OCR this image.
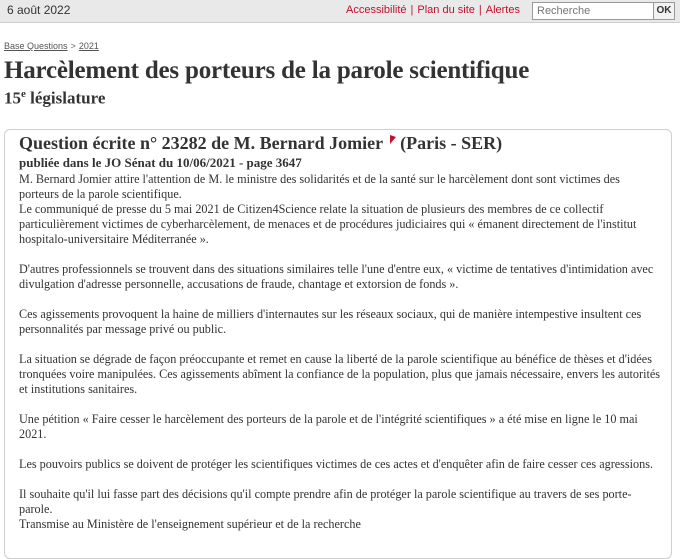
6 août 2022	Accessibilité | Plan du site | Alertes
Recherche	OK
Base Questions > 2021
Harcèlement des porteurs de la parole scientifique
15e législature
Question écrite n° 23282 de M. Bernard Jomier (Paris - SER)
publiée dans le JO Sénat du 10/06/2021 - page 3647

M. Bernard Jomier attire l'attention de M. le ministre des solidarités et de la santé sur le harcèlement dont sont victimes des
porteurs de la parole scientifique.
Le communiqué de presse du 5 mai 2021 de Citizen4Science relate la situation de plusieurs des membres de ce collectif
particulièrement victimes de cyberharcèlement, de menaces et de procédures judiciaires qui « émanent directement de l'institut
hospitalo-universitaire Méditerranée ».

D'autres professionnels se trouvent dans des situations similaires telle l'une d'entre eux, « victime de tentatives d'intimidation avec
divulgation d'adresse personnelle, accusations de fraude, chantage et extorsion de fonds ».

Ces agissements provoquent la haine de milliers d'internautes sur les réseaux sociaux, qui de manière intempestive insultent ces
personnalités par message privé ou public.

La situation se dégrade de façon préoccupante et remet en cause la liberté de la parole scientifique au bénéfice de thèses et d'idées
tronquées voire manipulées. Ces agissements abîment la confiance de la population, plus que jamais nécessaire, envers les autorités
et institutions sanitaires.

Une pétition « Faire cesser le harcèlement des porteurs de la parole et de l'intégrité scientifiques » a été mise en ligne le 10 mai
2021.

Les pouvoirs publics se doivent de protéger les scientifiques victimes de ces actes et d'enquêter afin de faire cesser ces agressions.

Il souhaite qu'il lui fasse part des décisions qu'il compte prendre afin de protéger la parole scientifique au travers de ses porte-
parole.

Transmise au Ministère de l'enseignement supérieur et de la recherche
